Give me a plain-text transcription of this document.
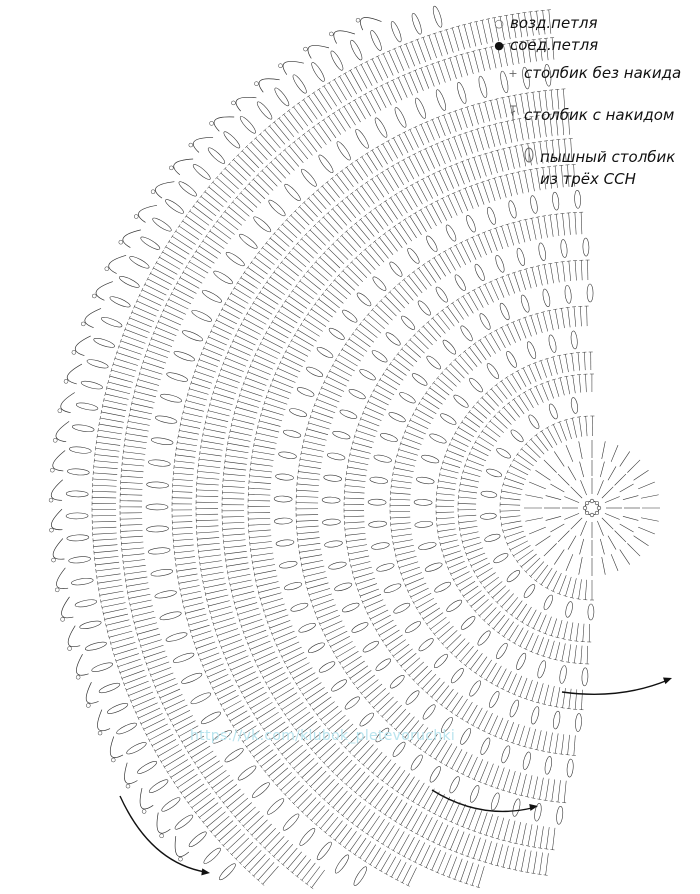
○ возд.петля
● соед.петля
+ столбик без накида
столбик с накидом
пышный столбик
из трёх ССН
https://vk.com/klubok_pletevoruchki
